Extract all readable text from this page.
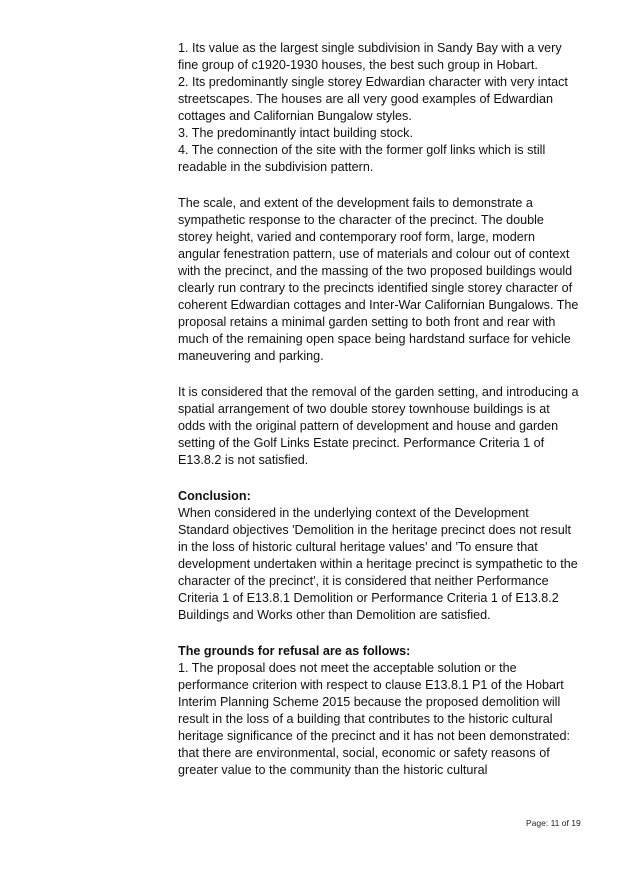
1. Its value as the largest single subdivision in Sandy Bay with a very fine group of c1920-1930 houses, the best such group in Hobart.

2. Its predominantly single storey Edwardian character with very intact streetscapes. The houses are all very good examples of Edwardian cottages and Californian Bungalow styles.

3. The predominantly intact building stock.

4. The connection of the site with the former golf links which is still readable in the subdivision pattern.

The scale, and extent of the development fails to demonstrate a sympathetic response to the character of the precinct. The double storey height, varied and contemporary roof form, large, modern angular fenestration pattern, use of materials and colour out of context with the precinct, and the massing of the two proposed buildings would clearly run contrary to the precincts identified single storey character of coherent Edwardian cottages and Inter-War Californian Bungalows. The proposal retains a minimal garden setting to both front and rear with much of the remaining open space being hardstand surface for vehicle maneuvering and parking.

It is considered that the removal of the garden setting, and introducing a spatial arrangement of two double storey townhouse buildings is at odds with the original pattern of development and house and garden setting of the Golf Links Estate precinct. Performance Criteria 1 of E13.8.2 is not satisfied.

Conclusion:

When considered in the underlying context of the Development Standard objectives 'Demolition in the heritage precinct does not result in the loss of historic cultural heritage values' and 'To ensure that development undertaken within a heritage precinct is sympathetic to the character of the precinct', it is considered that neither Performance Criteria 1 of E13.8.1 Demolition or Performance Criteria 1 of E13.8.2 Buildings and Works other than Demolition are satisfied.

The grounds for refusal are as follows:

1. The proposal does not meet the acceptable solution or the performance criterion with respect to clause E13.8.1 P1 of the Hobart Interim Planning Scheme 2015 because the proposed demolition will result in the loss of a building that contributes to the historic cultural heritage significance of the precinct and it has not been demonstrated: that there are environmental, social, economic or safety reasons of greater value to the community than the historic cultural

Page: 11 of 19
